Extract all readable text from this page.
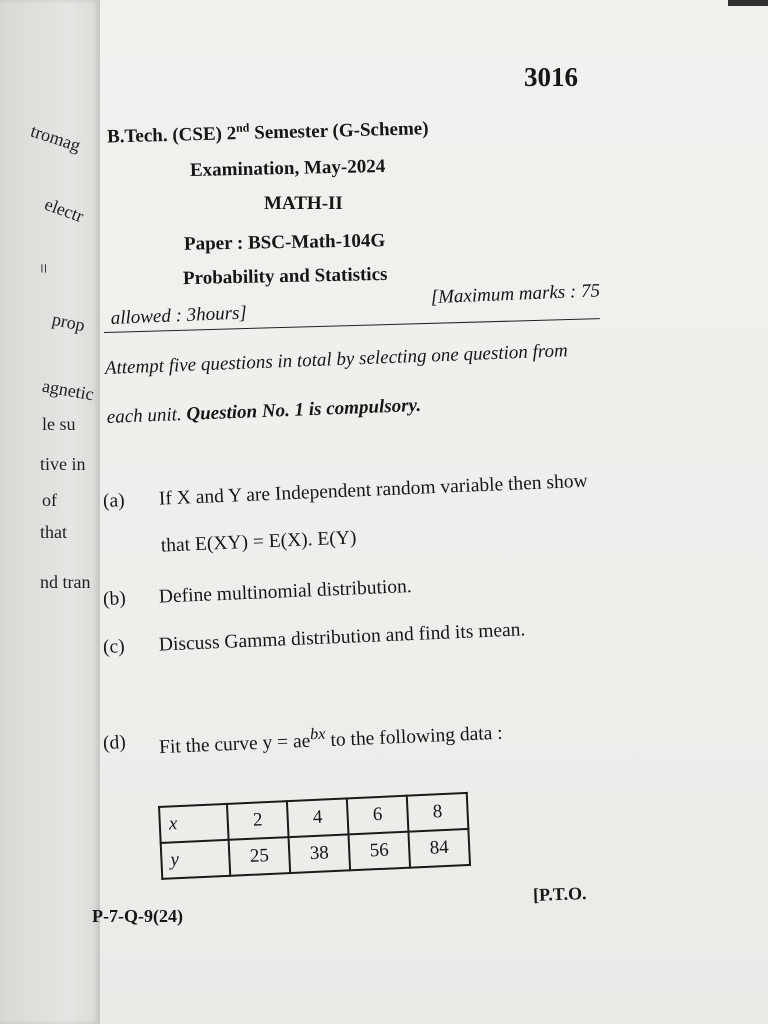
tromag
electr
=
prop
agnetic
le su
tive in
of
that
nd tran
3016
B.Tech. (CSE) 2nd Semester (G-Scheme)
Examination, May-2024
MATH-II
Paper : BSC-Math-104G
Probability and Statistics
allowed : 3hours]
[Maximum marks : 75
Attempt five questions in total by selecting one question from each unit. Question No. 1 is compulsory.
(a)	If X and Y are Independent random variable then show that E(XY) = E(X). E(Y)
(b)	Define multinomial distribution.
(c)	Discuss Gamma distribution and find its mean.
(d)	Fit the curve $y = ae^{bx}$ to the following data :
x	2	4	6	8
y	25	38	56	84
P-7-Q-9(24)
[P.T.O.
